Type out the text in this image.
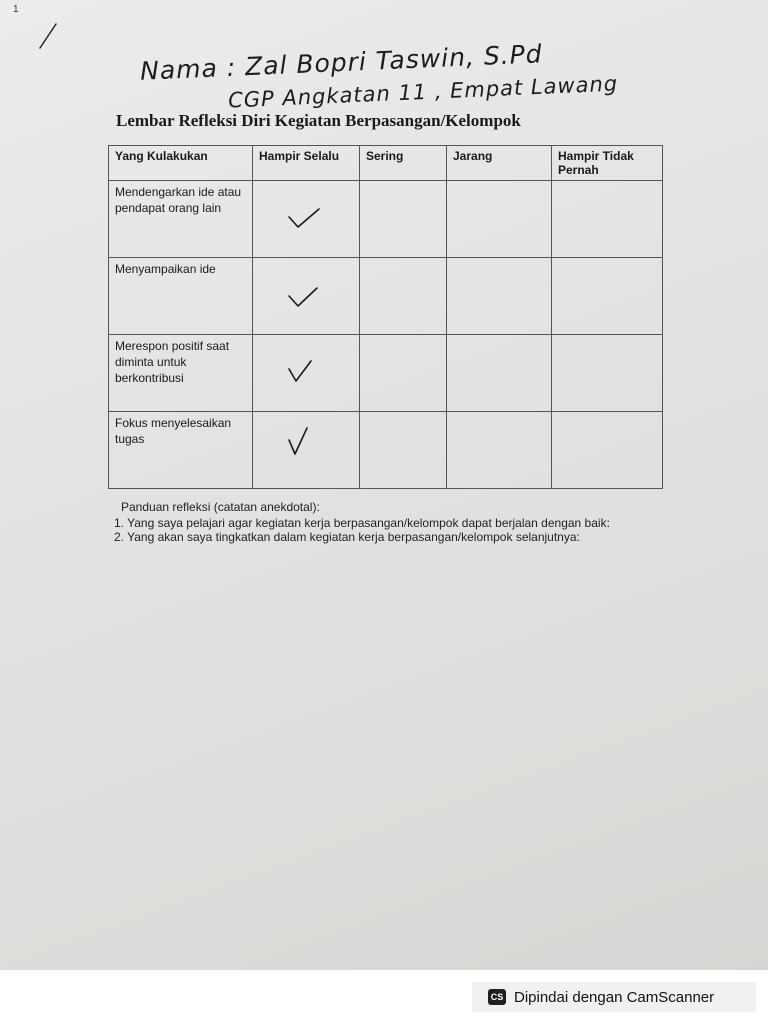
1
Nama : Zal Bopri Taswin, S.Pd
CGP Angkatan 11 , Empat Lawang
Lembar Refleksi Diri Kegiatan Berpasangan/Kelompok
Yang Kulakukan	Hampir Selalu	Sering	Jarang	Hampir Tidak Pernah
Mendengarkan ide atau pendapat orang lain	

Menyampaikan ide	

Merespon positif saat diminta untuk berkontribusi	

Fokus menyelesaikan tugas	

Panduan refleksi (catatan anekdotal):
1. Yang saya pelajari agar kegiatan kerja berpasangan/kelompok dapat berjalan dengan baik:
2. Yang akan saya tingkatkan dalam kegiatan kerja berpasangan/kelompok selanjutnya:
CS Dipindai dengan CamScanner
